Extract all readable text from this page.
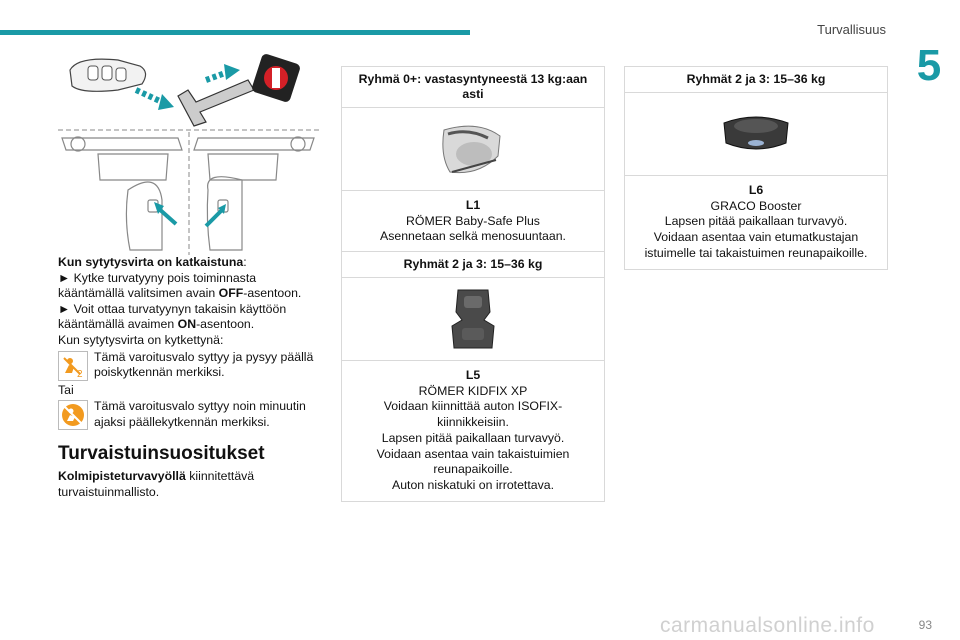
Turvallisuus
5

Kun sytytysvirta on katkaistuna:

► Kytke turvatyyny pois toiminnasta kääntämällä valitsimen avain OFF-asentoon.

► Voit ottaa turvatyynyn takaisin käyttöön kääntämällä avaimen ON-asentoon.

Kun sytytysvirta on kytkettynä:

2
Tämä varoitusvalo syttyy ja pysyy päällä poiskytkennän merkiksi.

Tai

Tämä varoitusvalo syttyy noin minuutin ajaksi päällekytkennän merkiksi.
Turvaistuinsuositukset

Kolmipisteturvavyöllä kiinnitettävä turvaistuinmallisto.

Ryhmä 0+: vastasyntyneestä 13 kg:aan asti
L1
RÖMER Baby-Safe Plus
Asennetaan selkä menosuuntaan.
Ryhmät 2 ja 3: 15–36 kg
L5
RÖMER KIDFIX XP
Voidaan kiinnittää auton ISOFIX-kiinnikkeisiin.
Lapsen pitää paikallaan turvavyö.
Voidaan asentaa vain takaistuimien reunapaikoille.
Auton niskatuki on irrotettava.
Ryhmät 2 ja 3: 15–36 kg
L6
GRACO Booster
Lapsen pitää paikallaan turvavyö.
Voidaan asentaa vain etumatkustajan istuimelle tai takaistuimen reunapaikoille.
carmanualsonline.info	93
